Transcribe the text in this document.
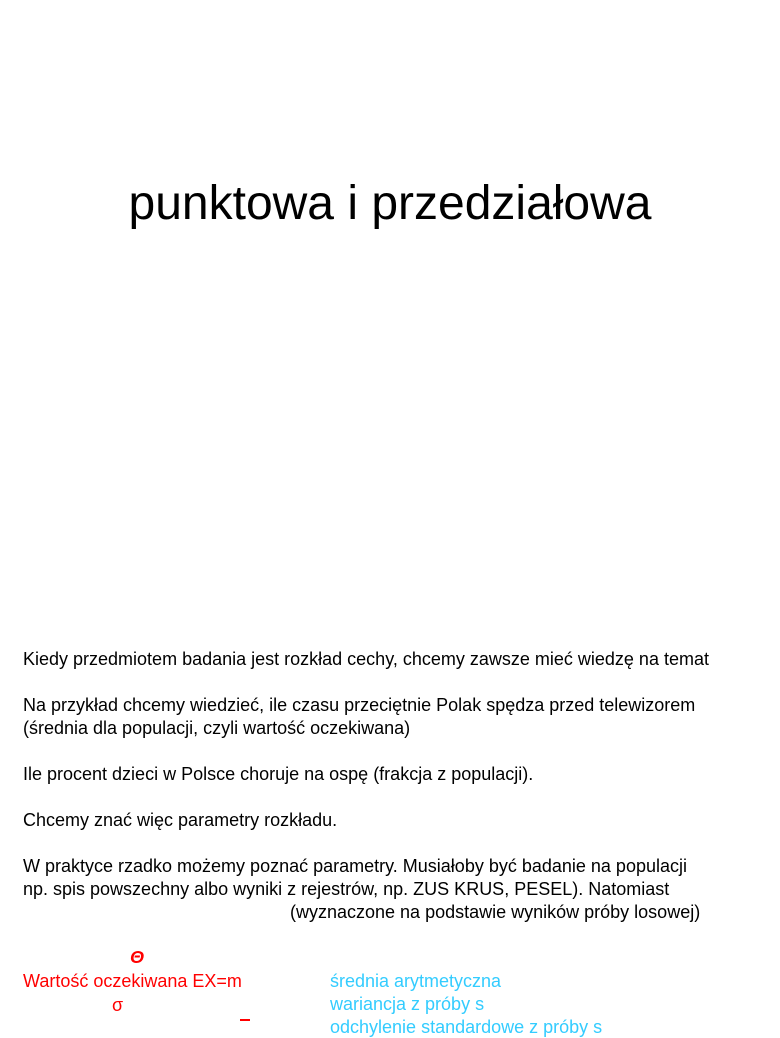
punktowa i przedziałowa
Kiedy przedmiotem badania jest rozkład cechy, chcemy zawsze mieć wiedzę na temat
Na przykład chcemy wiedzieć, ile czasu przeciętnie Polak spędza przed telewizorem
(średnia dla populacji, czyli wartość oczekiwana)
Ile procent dzieci w Polsce choruje na ospę (frakcja z populacji).
Chcemy znać więc parametry rozkładu.
W praktyce rzadko możemy poznać parametry. Musiałoby być badanie na populacji
np. spis powszechny albo wyniki z rejestrów, np. ZUS KRUS, PESEL). Natomiast
(wyznaczone na podstawie wyników próby losowej)
Θ
Wartość oczekiwana EX=m
σ
średnia arytmetyczna
wariancja z próby s
odchylenie standardowe z próby s
